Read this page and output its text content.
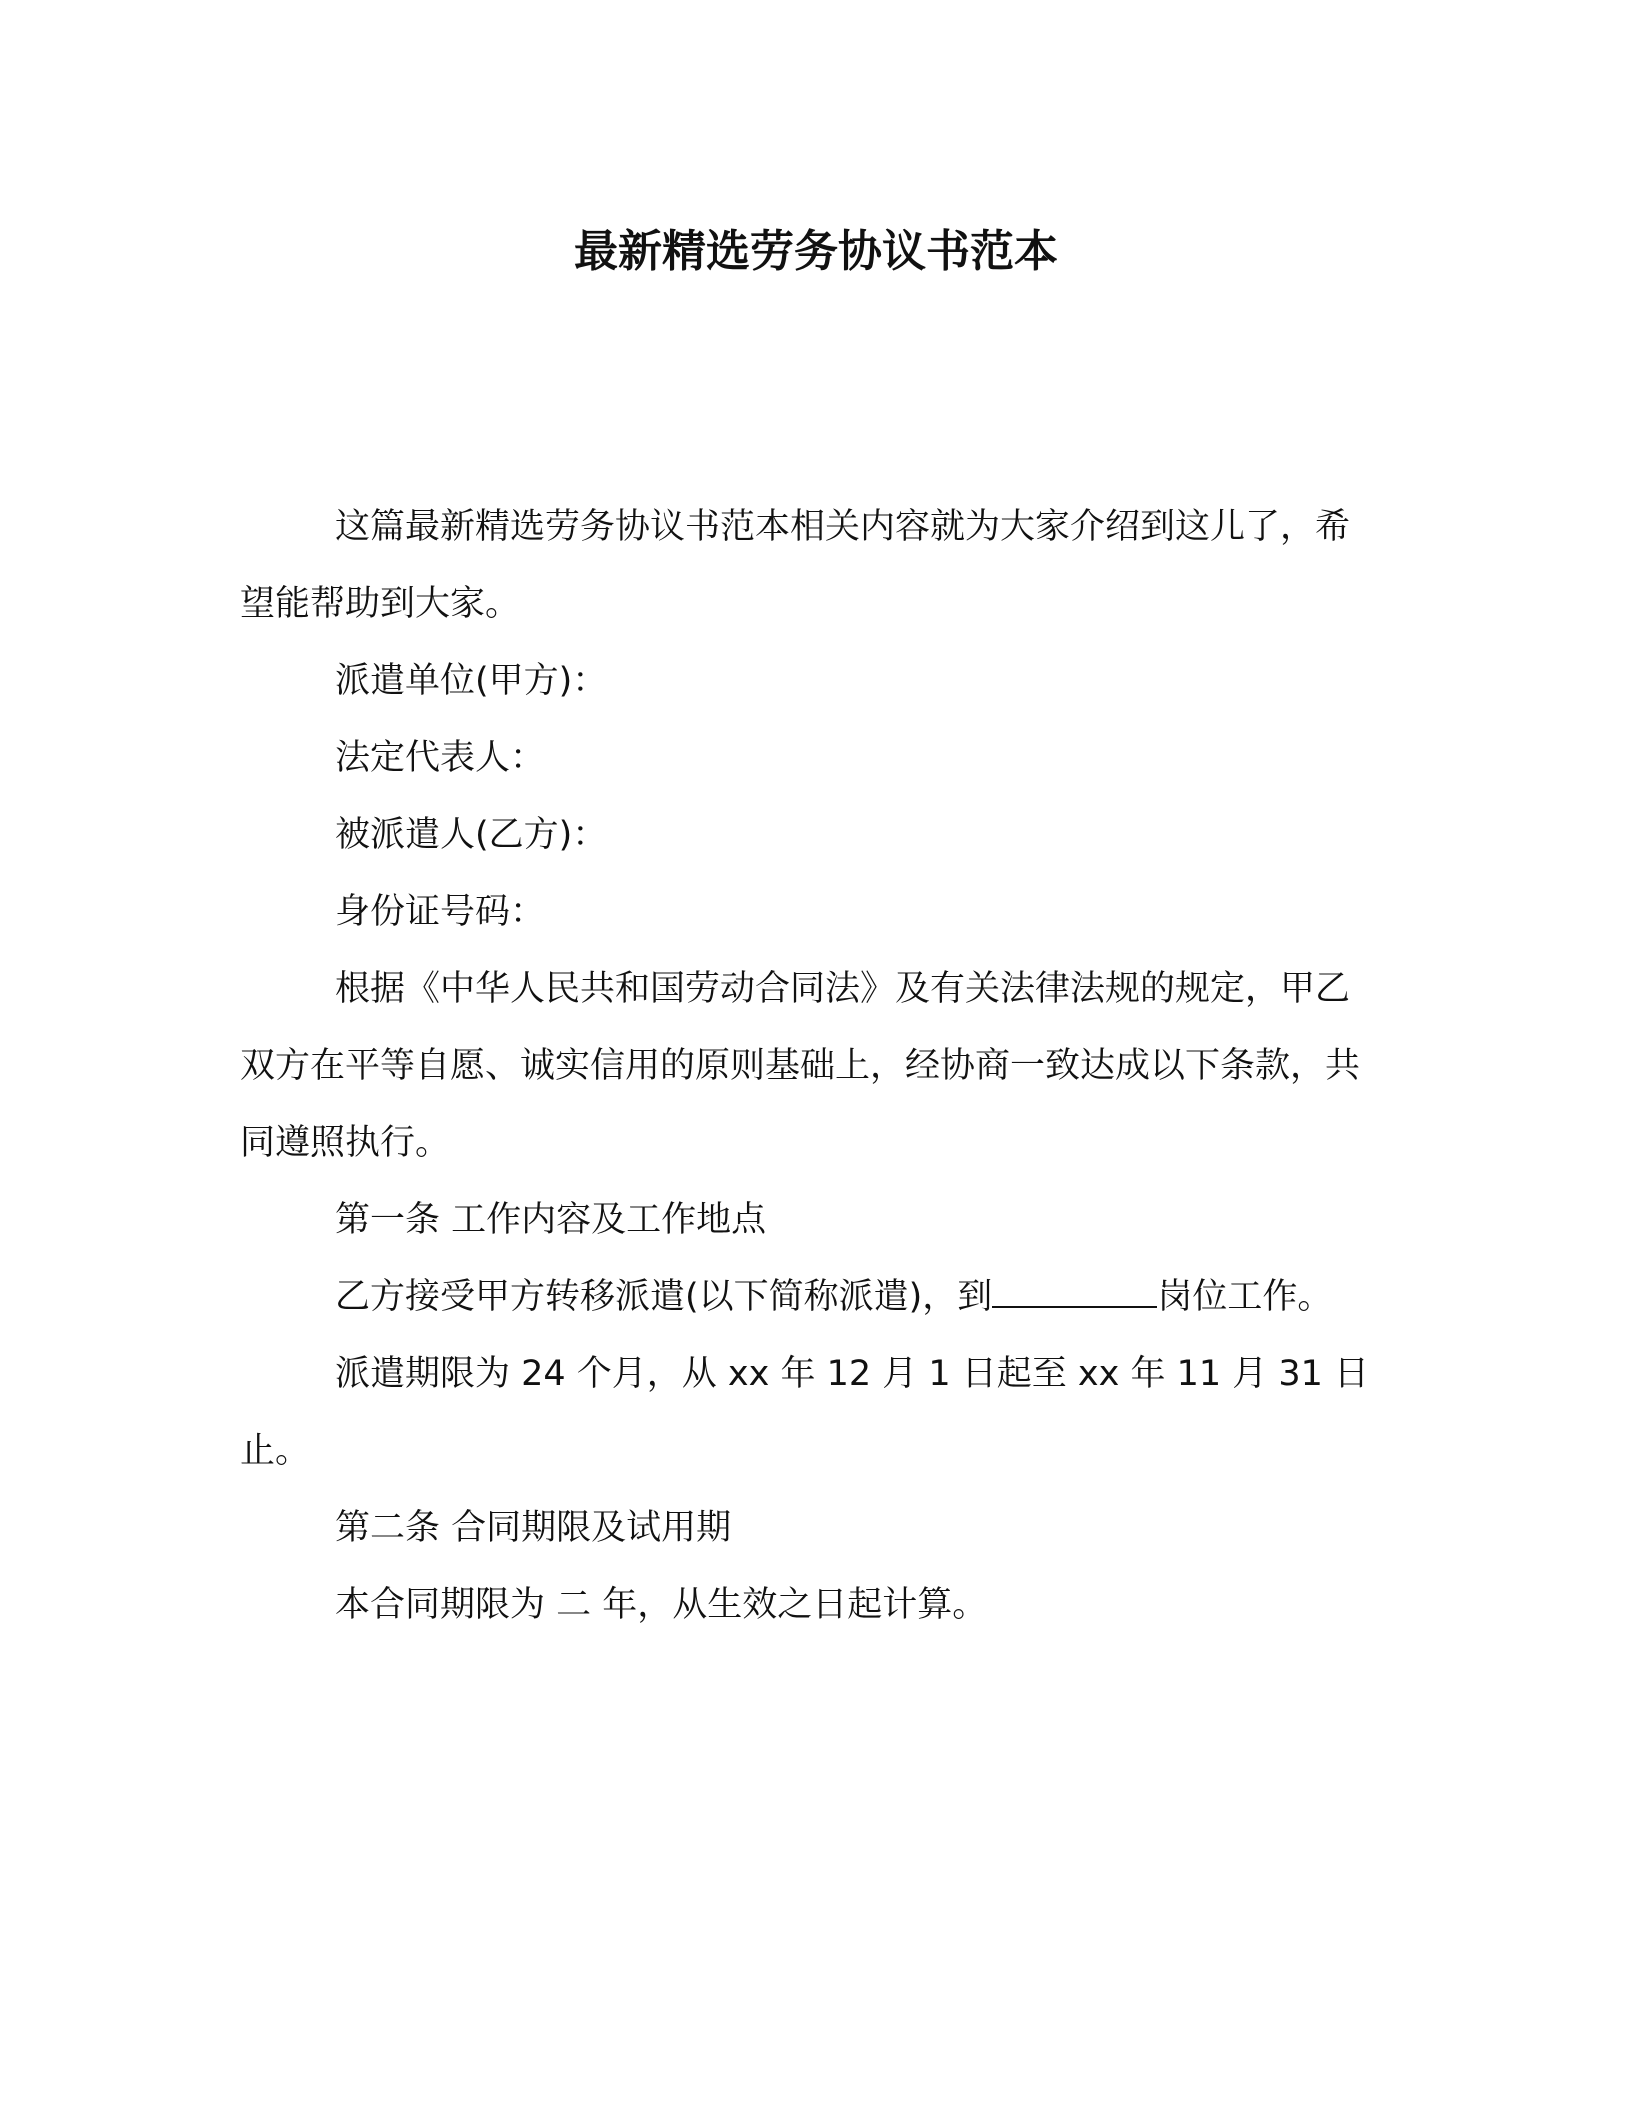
最新精选劳务协议书范本

这篇最新精选劳务协议书范本相关内容就为大家介绍到这儿了，希望能帮助到大家。

派遣单位(甲方)：

法定代表人：

被派遣人(乙方)：

身份证号码：

根据《中华人民共和国劳动合同法》及有关法律法规的规定，甲乙双方在平等自愿、诚实信用的原则基础上，经协商一致达成以下条款，共同遵照执行。

第一条 工作内容及工作地点

乙方接受甲方转移派遣(以下简称派遣)，到	岗位工作。

派遣期限为 24 个月，从 xx 年 12 月 1 日起至 xx 年 11 月 31 日止。

第二条 合同期限及试用期

本合同期限为 二 年，从生效之日起计算。
